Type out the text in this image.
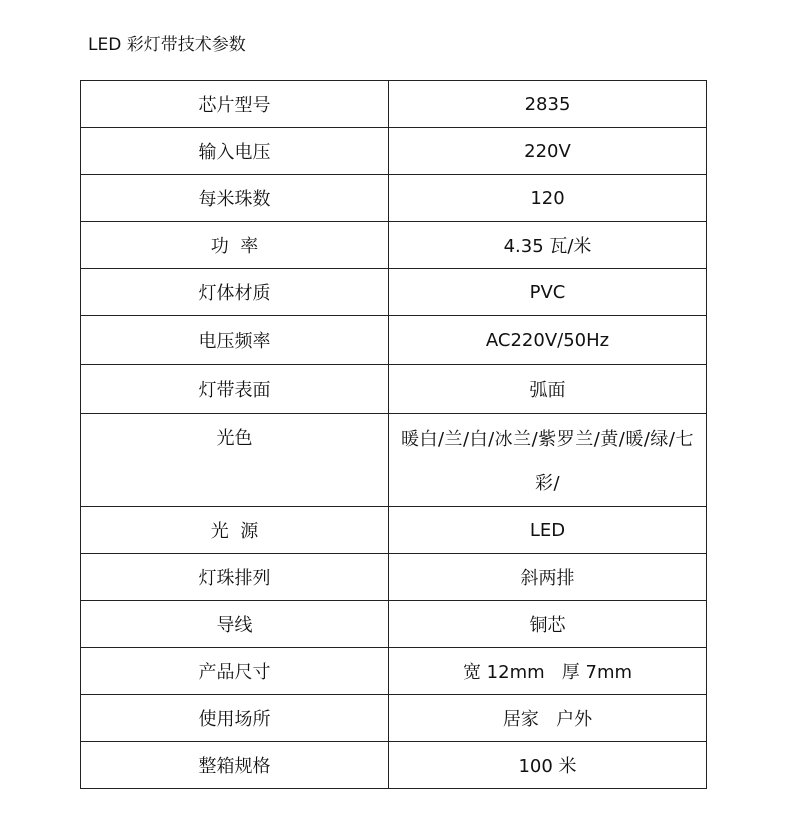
LED 彩灯带技术参数
芯片型号	2835
输入电压	220V
每米珠数	120
功  率	4.35 瓦/米
灯体材质	PVC
电压频率	AC220V/50Hz
灯带表面	弧面
光色	暖白/兰/白/冰兰/紫罗兰/黄/暖/绿/七彩/
光  源	LED
灯珠排列	斜两排
导线	铜芯
产品尺寸	宽 12mm   厚 7mm
使用场所	居家   户外
整箱规格	100 米
